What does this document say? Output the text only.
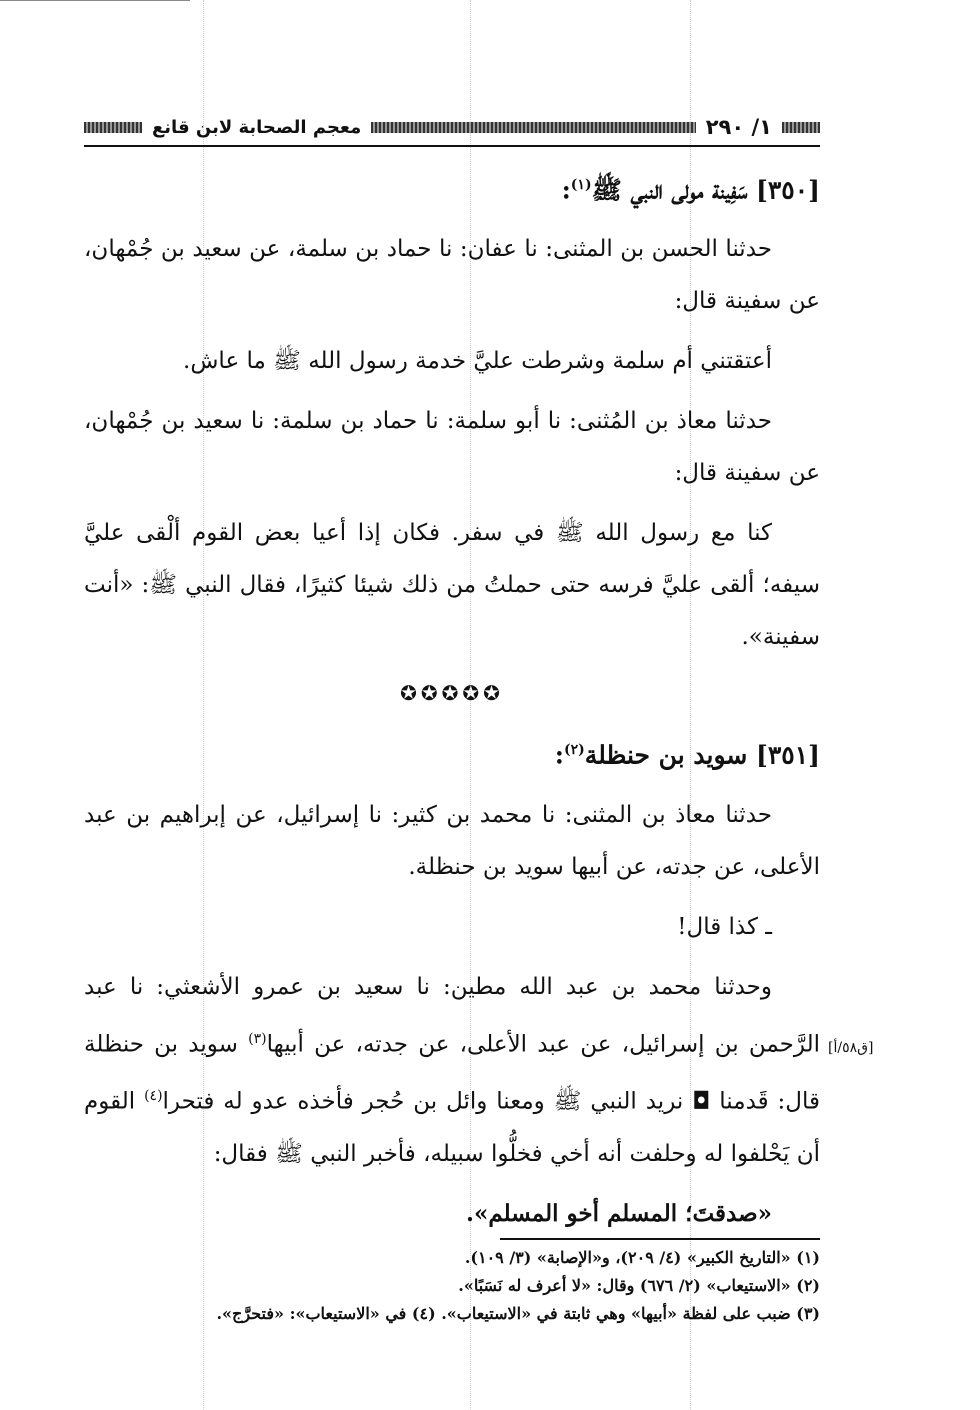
١/ ٢٩٠
معجم الصحابة لابن قانع
[٣٥٠] سَفِينة مولى النبي ﷺ$^{(١)}$:

حدثنا الحسن بن المثنى: نا عفان: نا حماد بن سلمة، عن سعيد بن جُمْهان، عن سفينة قال:

أعتقتني أم سلمة وشرطت عليَّ خدمة رسول الله ﷺ ما عاش.

حدثنا معاذ بن المُثنى: نا أبو سلمة: نا حماد بن سلمة: نا سعيد بن جُمْهان، عن سفينة قال:

كنا مع رسول الله ﷺ في سفر. فكان إذا أعيا بعض القوم ألْقى عليَّ سيفه؛ ألقى عليَّ فرسه حتى حملتُ من ذلك شيئا كثيرًا، فقال النبي ﷺ: «أنت سفينة».

✪✪✪✪✪
[٣٥١] سويد بن حنظلة$^{(٢)}$:

حدثنا معاذ بن المثنى: نا محمد بن كثير: نا إسرائيل، عن إبراهيم بن عبد الأعلى، عن جدته، عن أبيها سويد بن حنظلة.

ـ كذا قال!

وحدثنا محمد بن عبد الله مطين: نا سعيد بن عمرو الأشعثي: نا عبد الرَّحمن بن إسرائيل، عن عبد الأعلى، عن جدته، عن أبيها$^{(٣)}$ سويد بن حنظلة قال: قَدمنا ◘ نريد النبي ﷺ ومعنا وائل بن حُجر فأخذه عدو له فتحرا$^{(٤)}$ القوم أن يَحْلفوا له وحلفت أنه أخي فخلُّوا سبيله، فأخبر النبي ﷺ فقال:

«صدقتَ؛ المسلم أخو المسلم».

[ق٥٨/أ]
(١) «التاريخ الكبير» (٤/ ٢٠٩)، و«الإصابة» (٣/ ١٠٩).
(٢) «الاستيعاب» (٢/ ٦٧٦) وقال: «لا أعرف له نَسَبًا».
(٣) ضبب على لفظة «أبيها» وهي ثابتة في «الاستيعاب». (٤) في «الاستيعاب»: «فتحرَّج».
